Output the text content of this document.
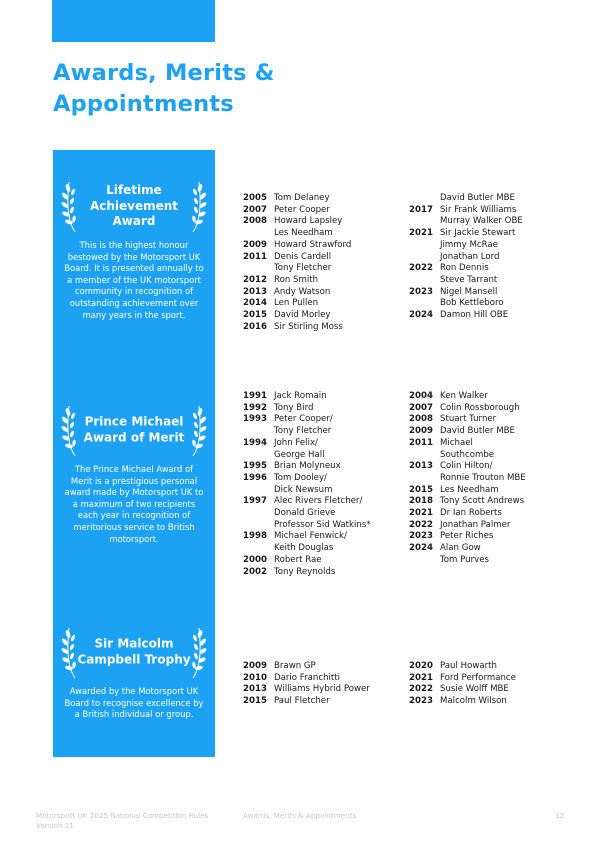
Awards, Merits & Appointments
Lifetime Achievement Award
This is the highest honour bestowed by the Motorsport UK Board. It is presented annually to a member of the UK motorsport community in recognition of outstanding achievement over many years in the sport.
2005 Tom Delaney
2007 Peter Cooper
2008 Howard Lapsley
Les Needham
2009 Howard Strawford
2011 Denis Cardell
Tony Fletcher
2012 Ron Smith
2013 Andy Watson
2014 Len Pullen
2015 David Morley
2016 Sir Stirling Moss
David Butler MBE
2017 Sir Frank Williams
Murray Walker OBE
2021 Sir Jackie Stewart
Jimmy McRae
Jonathan Lord
2022 Ron Dennis
Steve Tarrant
2023 Nigel Mansell
Bob Kettleboro
2024 Damon Hill OBE
Prince Michael Award of Merit
The Prince Michael Award of Merit is a prestigious personal award made by Motorsport UK to a maximum of two recipients each year in recognition of meritorious service to British motorsport.
1991 Jack Romain
1992 Tony Bird
1993 Peter Cooper/
Tony Fletcher
1994 John Felix/
George Hall
1995 Brian Molyneux
1996 Tom Dooley/
Dick Newsum
1997 Alec Rivers Fletcher/
Donald Grieve
Professor Sid Watkins*
1998 Michael Fenwick/
Keith Douglas
2000 Robert Rae
2002 Tony Reynolds
2004 Ken Walker
2007 Colin Rossborough
2008 Stuart Turner
2009 David Butler MBE
2011 Michael
Southcombe
2013 Colin Hilton/
Ronnie Trouton MBE
2015 Les Needham
2018 Tony Scott Andrews
2021 Dr Ian Roberts
2022 Jonathan Palmer
2023 Peter Riches
2024 Alan Gow
Tom Purves
Sir Malcolm Campbell Trophy
Awarded by the Motorsport UK Board to recognise excellence by a British individual or group.
2009 Brawn GP
2010 Dario Franchitti
2013 Williams Hybrid Power
2015 Paul Fletcher
2020 Paul Howarth
2021 Ford Performance
2022 Susie Wolff MBE
2023 Malcolm Wilson
Motorsport UK 2025 National Competition Rules
Version 11
Awards, Merits & Appointments	12
